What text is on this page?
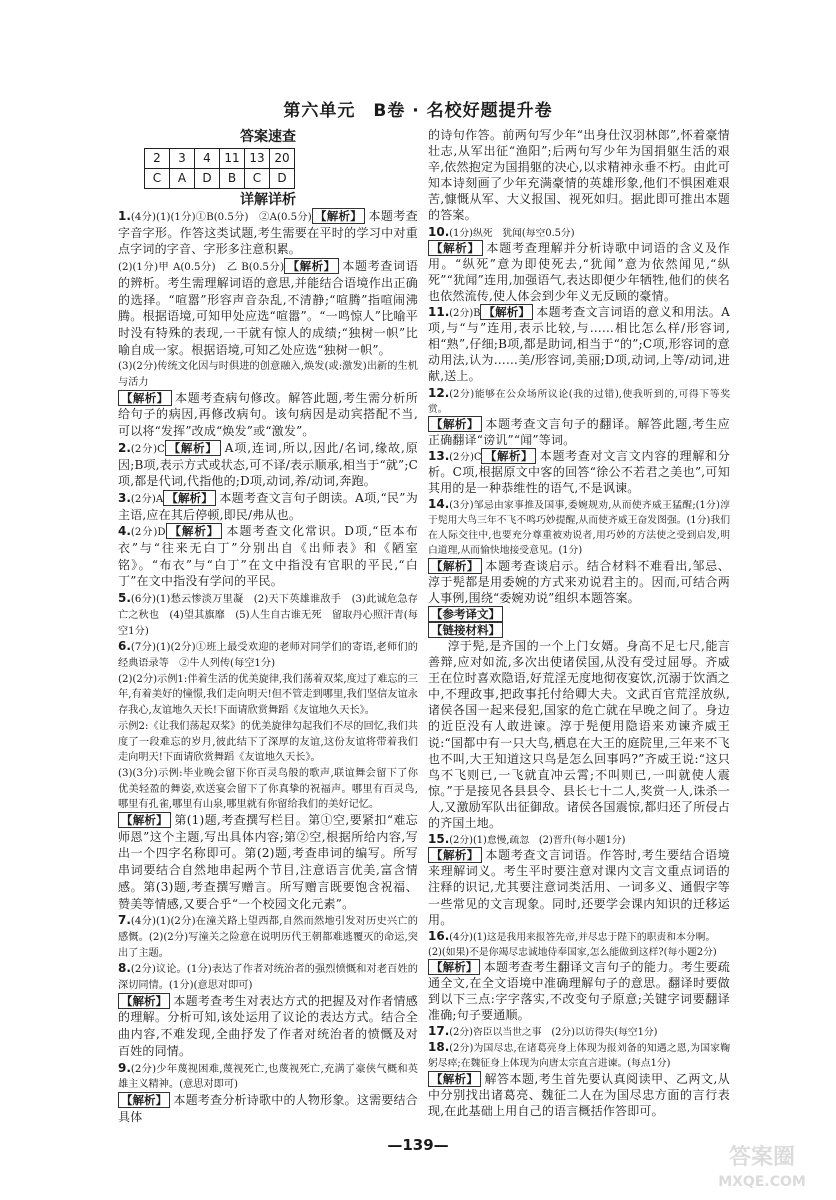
第六单元　B卷 · 名校好题提升卷
答案速查
2	3	4	11	13	20
C	A	D	B	C	D
详解详析

1.(4分)(1)(1分)①B(0.5分)　②A(0.5分) 【解析】 本题考查字音字形。作答这类试题,考生需要在平时的学习中对重点字词的字音、字形多注意积累。

(2)(1分)甲 A(0.5分)　乙 B(0.5分) 【解析】 本题考查词语的辨析。考生需理解词语的意思,并能结合语境作出正确的选择。“喧嚣”形容声音杂乱,不清静;“喧腾”指喧闹沸腾。根据语境,可知甲处应选“喧嚣”。“一鸣惊人”比喻平时没有特殊的表现,一干就有惊人的成绩;“独树一帜”比喻自成一家。根据语境,可知乙处应选“独树一帜”。

(3)(2分)传统文化因与时俱进的创意融入,焕发(或:激发)出新的生机与活力

【解析】 本题考查病句修改。解答此题,考生需分析所给句子的病因,再修改病句。该句病因是动宾搭配不当,可以将“发挥”改成“焕发”或“激发”。

2.(2分)C 【解析】 A项,连词,所以,因此/名词,缘故,原因;B项,表示方式或状态,可不译/表示顺承,相当于“就”;C项,都是代词,代指他的;D项,动词,养/动词,奔跑。

3.(2分)A 【解析】 本题考查文言句子朗读。A项,“民”为主语,应在其后停顿,即民/弗从也。

4.(2分)D 【解析】 本题考查文化常识。D项,“臣本布衣”与“往来无白丁”分别出自《出师表》和《陋室铭》。“布衣”与“白丁”在文中指没有官职的平民,“白丁”在文中指没有学问的平民。

5.(6分)(1)愁云惨淡万里凝　(2)天下英雄谁敌手　(3)此诚危急存亡之秋也　(4)望其旗靡　(5)人生自古谁无死　留取丹心照汗青(每空1分)

6.(7分)(1)(2分)①班上最受欢迎的老师对同学们的寄语,老师们的经典语录等　②牛人列传(每空1分)

(2)(2分)示例1:伴着生活的优美旋律,我们荡着双桨,度过了难忘的三年,有着美好的憧憬,我们走向明天!但不管走到哪里,我们坚信友谊永存我心,友谊地久天长!下面请欣赏舞蹈《友谊地久天长》。

示例2:《让我们荡起双桨》的优美旋律勾起我们不尽的回忆,我们共度了一段难忘的岁月,彼此结下了深厚的友谊,这份友谊将带着我们走向明天!下面请欣赏舞蹈《友谊地久天长》。

(3)(3分)示例:毕业晚会留下你百灵鸟般的歌声,联谊舞会留下了你优美轻盈的舞姿,欢送宴会留下了你真挚的祝福声。哪里有百灵鸟,哪里有孔雀,哪里有山泉,哪里就有你留给我们的美好记忆。

【解析】 第(1)题,考查撰写栏目。第①空,要紧扣“难忘师恩”这个主题,写出具体内容;第②空,根据所给内容,写出一个四字名称即可。第(2)题,考查串词的编写。所写串词要结合自然地串起两个节目,注意语言优美,富含情感。第(3)题,考查撰写赠言。所写赠言既要饱含祝福、赞美等情感,又要合乎“一个校园文化元素”。

7.(4分)(1)(2分)在潼关路上望西都,自然而然地引发对历史兴亡的感慨。(2)(2分)写潼关之险意在说明历代王朝都难逃覆灭的命运,突出了主题。

8.(2分)议论。(1分)表达了作者对统治者的强烈愤慨和对老百姓的深切同情。(1分)(意思对即可)

【解析】 本题考查考生对表达方式的把握及对作者情感的理解。分析可知,该处运用了议论的表达方式。结合全曲内容,不难发现,全曲抒发了作者对统治者的愤慨及对百姓的同情。

9.(2分)少年蔑视困难,蔑视死亡,也蔑视死亡,充满了豪侠气概和英雄主义精神。(意思对即可)

【解析】 本题考查分析诗歌中的人物形象。这需要结合具体

的诗句作答。前两句写少年“出身仕汉羽林郎”,怀着豪情壮志,从军出征“渔阳”;后两句写少年为国捐躯生活的艰辛,依然抱定为国捐躯的决心,以求精神永垂不朽。由此可知本诗刻画了少年充满豪情的英雄形象,他们不惧困难艰苦,慷慨从军、大义报国、视死如归。据此即可推出本题的答案。

10.(1分)纵死　犹闻(每空0.5分)

【解析】 本题考查理解并分析诗歌中词语的含义及作用。“纵死”意为即使死去,“犹闻”意为依然闻见,“纵死”“犹闻”连用,加强语气,表达即便少年牺牲,他们的侠名也依然流传,使人体会到少年义无反顾的豪情。

11.(2分)B 【解析】 本题考查文言词语的意义和用法。A项,与“与”连用,表示比较,与……相比怎么样/形容词,相“熟”,仔细;B项,都是助词,相当于“的”;C项,形容词的意动用法,认为……美/形容词,美丽;D项,动词,上等/动词,进献,送上。

12.(2分)能够在公众场所议论(我的过错),使我听到的,可得下等奖赏。

【解析】 本题考查文言句子的翻译。解答此题,考生应正确翻译“谤讥”“闻”等词。

13.(2分)C 【解析】 本题考查对文言文内容的理解和分析。C项,根据原文中客的回答“徐公不若君之美也”,可知其用的是一种恭维性的语气,不是讽谏。

14.(3分)邹忌由家事推及国事,委婉规劝,从而使齐威王猛醒;(1分)淳于髡用大鸟三年不飞不鸣巧妙提醒,从而使齐威王奋发图强。(1分)我们在人际交往中,也要充分尊重被劝说者,用巧妙的方法使之受到启发,明白道理,从而愉快地接受意见。(1分)

【解析】 本题考查谈启示。结合材料不难看出,邹忌、淳于髡都是用委婉的方式来劝说君主的。因而,可结合两人事例,围绕“委婉劝说”组织本题答案。

【参考译文】

【链接材料】

淳于髡,是齐国的一个上门女婿。身高不足七尺,能言善辩,应对如流,多次出使诸侯国,从没有受过屈辱。齐威王在位时喜欢隐语,好荒淫无度地彻夜宴饮,沉溺于饮酒之中,不理政事,把政事托付给卿大夫。文武百官荒淫放纵,诸侯各国一起来侵犯,国家的危亡就在早晚之间了。身边的近臣没有人敢进谏。淳于髡便用隐语来劝谏齐威王说:“国都中有一只大鸟,栖息在大王的庭院里,三年来不飞也不叫,大王知道这只鸟是怎么回事吗?”齐威王说:“这只鸟不飞则已,一飞就直冲云霄;不叫则已,一叫就使人震惊。”于是接见各县县令、县长七十二人,奖赏一人,诛杀一人,又激励军队出征御敌。诸侯各国震惊,都归还了所侵占的齐国土地。

15.(2分)(1)怠慢,疏忽　(2)晋升(每小题1分)

【解析】 本题考查文言词语。作答时,考生要结合语境来理解词义。考生平时要注意对课内文言文重点词语的注释的识记,尤其要注意词类活用、一词多义、通假字等一些常见的文言现象。同时,还要学会课内知识的迁移运用。

16.(4分)(1)这是我用来报答先帝,并尽忠于陛下的职责和本分啊。

(2)(如果)不是你竭尽忠诚地侍奉国家,怎么能做到这样?(每小题2分)

【解析】 本题考查考生翻译文言句子的能力。考生要疏通全文,在全文语境中准确理解句子的意思。翻译时要做到以下三点:字字落实,不改变句子原意;关键字词要翻译准确;句子要通顺。

17.(2分)咨臣以当世之事　(2分)以访得失(每空1分)

18.(2分)为国尽忠,在诸葛亮身上体现为报刘备的知遇之恩,为国家鞠躬尽瘁;在魏征身上体现为向唐太宗直言进谏。(每点1分)

【解析】 解答本题,考生首先要认真阅读甲、乙两文,从中分别找出诸葛亮、魏征二人在为国尽忠方面的言行表现,在此基础上用自己的语言概括作答即可。

—139—	答案圈
MXQE.COM
